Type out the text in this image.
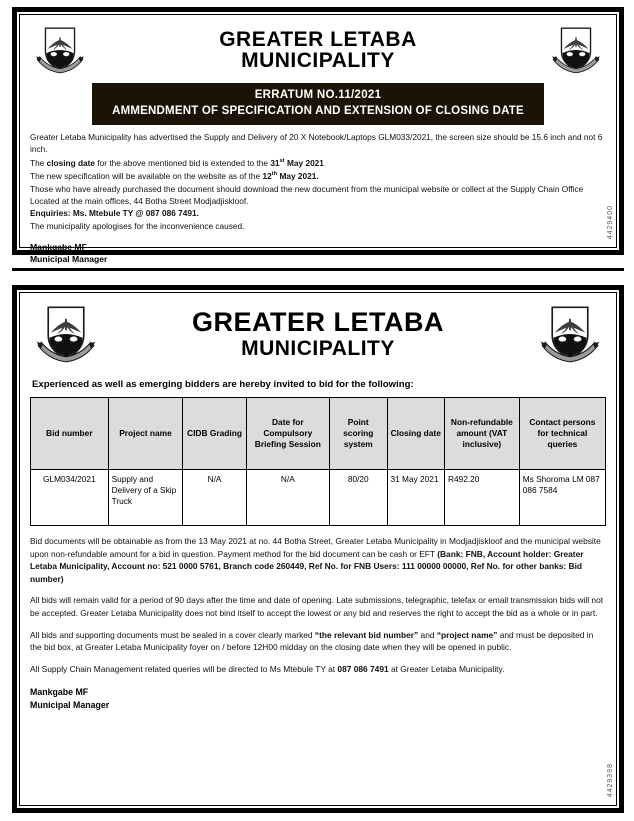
GREATER LETABA
MUNICIPALITY
ERRATUM NO.11/2021
AMMENDMENT OF SPECIFICATION AND EXTENSION OF CLOSING DATE

Greater Letaba Municipality has advertised the Supply and Delivery of 20 X Notebook/Laptops GLM033/2021, the screen size should be 15.6 inch and not 6 inch.

The closing date for the above mentioned bid is extended to the 31st May 2021

The new specification will be available on the website as of the 12th May 2021.

Those who have already purchased the document should download the new document from the municipal website or collect at the Supply Chain Office Located at the main offices, 44 Botha Street Modjadjiskloof.

Enquiries: Ms. Mtebule TY @ 087 086 7491.

The municipality apologises for the inconvenience caused.

Mankgabe MF
Municipal Manager
4429400
GREATER LETABA
MUNICIPALITY
Experienced as well as emerging bidders are hereby invited to bid for the following:
Bid number	Project name	CIDB Grading	Date for Compulsory Briefing Session	Point scoring system	Closing date	Non-refundable amount (VAT inclusive)	Contact persons for technical queries
GLM034/2021	Supply and Delivery of a Skip Truck	N/A	N/A	80/20	31 May 2021	R492.20	Ms Shoroma LM 087 086 7584
Bid documents will be obtainable as from the 13 May 2021 at no. 44 Botha Street, Greater Letaba Municipality in Modjadjiskloof and the municipal website upon non-refundable amount for a bid in question. Payment method for the bid document can be cash or EFT (Bank: FNB, Account holder: Greater Letaba Municipality, Account no: 521 0000 5761, Branch code 260449, Ref No. for FNB Users: 111 00000 00000, Ref No. for other banks: Bid number)
All bids will remain valid for a period of 90 days after the time and date of opening. Late submissions, telegraphic, telefax or email transmission bids will not be accepted. Greater Letaba Municipality does not bind itself to accept the lowest or any bid and reserves the right to accept the bid as a whole or in part.
All bids and supporting documents must be sealed in a cover clearly marked “the relevant bid number” and “project name” and must be deposited in the bid box, at Greater Letaba Municipality foyer on / before 12H00 midday on the closing date when they will be opened in public.
All Supply Chain Management related queries will be directed to Ms Mtebule TY at 087 086 7491 at Greater Letaba Municipality.
Mankgabe MF
Municipal Manager
4429398
